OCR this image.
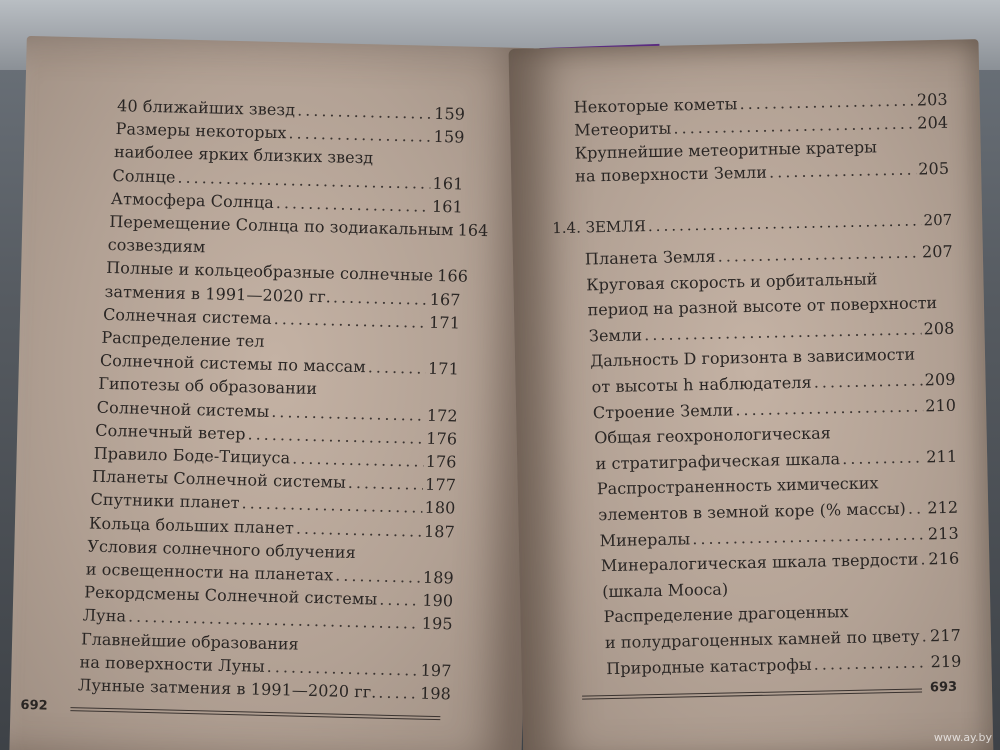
40 ближайших звезд .....	159
Размеры некоторых .....	159
наиболее ярких близких звезд
Солнце .....	161
Атмосфера Солнца .....	161
Перемещение Солнца по зодиакальным ..... 164
созвездиям
Полные и кольцеобразные солнечные ..... 166
затмения в 1991—2020 гг. .....	167
Солнечная система .....	171
Распределение тел
Солнечной системы по массам .....	171
Гипотезы об образовании
Солнечной системы .....	172
Солнечный ветер .....	176
Правило Боде-Тициуса .....	176
Планеты Солнечной системы .....	177
Спутники планет .....	180
Кольца больших планет .....	187
Условия солнечного облучения
и освещенности на планетах .....	189
Рекордсмены Солнечной системы .....	190
Луна .....	195
Главнейшие образования
на поверхности Луны .....	197
Лунные затмения в 1991—2020 гг. .....	198
692
Некоторые кометы .....	203
Метеориты .....	204
Крупнейшие метеоритные кратеры
на поверхности Земли .....	205
1.4. ЗЕМЛЯ .....	207
Планета Земля .....	207
Круговая скорость и орбитальный
период на разной высоте от поверхности
Земли .....	208
Дальность D горизонта в зависимости
от высоты h наблюдателя .....	209
Строение Земли .....	210
Общая геохронологическая
и стратиграфическая шкала .....	211
Распространенность химических
элементов в земной коре (% массы) ..... 212
Минералы .....	213
Минералогическая шкала твердости ..... 216
(шкала Мооса)
Распределение драгоценных
и полудрагоценных камней по цвету ..... 217
Природные катастрофы .....	219
693
www.ay.by
